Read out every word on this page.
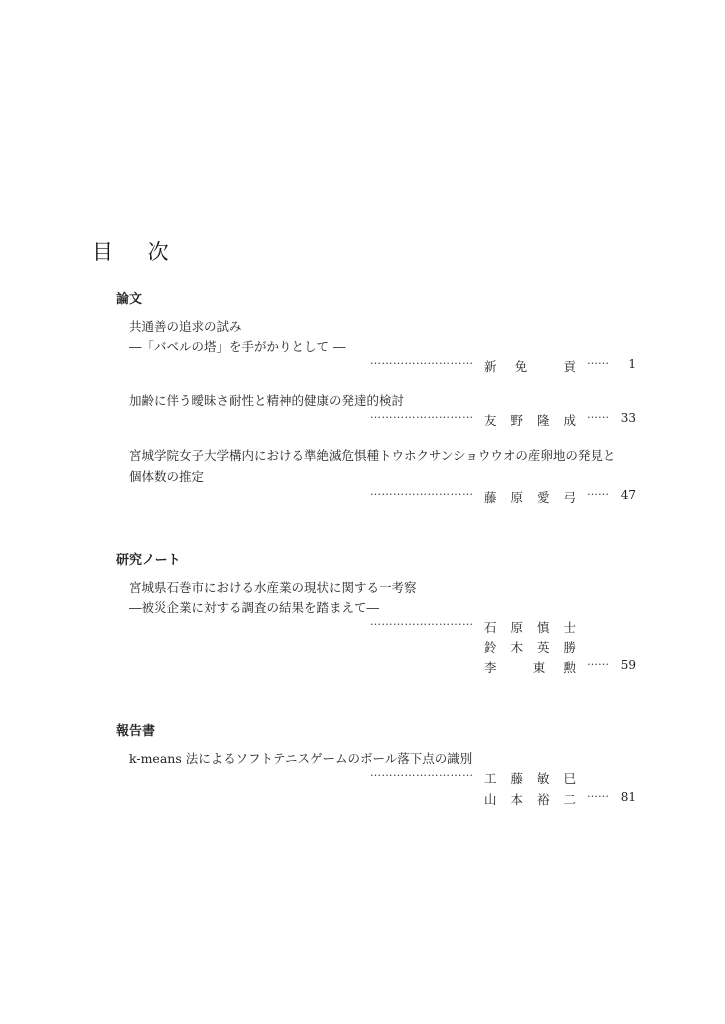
目 次
論文
共通善の追求の試み
―「バベルの塔」を手がかりとして ―
……………………… 新 免	貢 …… 1
加齢に伴う曖昧さ耐性と精神的健康の発達的検討
……………………… 友 野 隆 成 …… 33
宮城学院女子大学構内における準絶滅危惧種トウホクサンショウウオの産卵地の発見と
個体数の推定
……………………… 藤 原 愛 弓 …… 47
研究ノート
宮城県石巻市における水産業の現状に関する一考察
―被災企業に対する調査の結果を踏まえて―
……………………… 石 原 慎 士
鈴 木 英 勝
李	東 勲 …… 59
報告書
k-means 法によるソフトテニスゲームのボール落下点の識別
……………………… 工 藤 敏 巳
山 本 裕 二 …… 81
